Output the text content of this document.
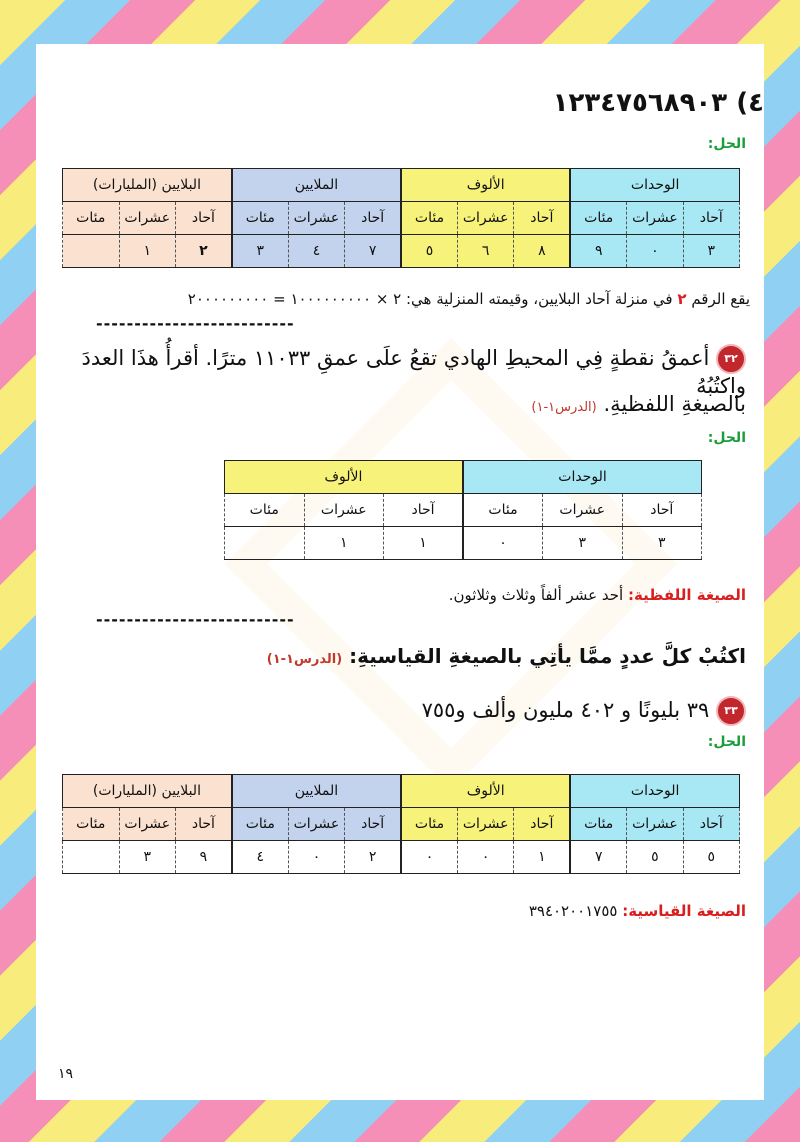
٤) ١٢٣٤٧٥٦٨٩٠٣
الحل:
الوحدات			الألوف			الملايين			البلايين (المليارات)		
آحاد	عشرات	مئات	آحاد	عشرات	مئات	آحاد	عشرات	مئات	آحاد	عشرات	مئات
٣	٠	٩	٨	٦	٥	٧	٤	٣	٢	١	
يقع الرقم ٢ في منزلة آحاد البلايين، وقيمته المنزلية هي: ٢ × ١٠٠٠٠٠٠٠٠٠ = ٢٠٠٠٠٠٠٠٠٠
--------------------------
٣٢ أعمقُ نقطةٍ فِي المحيطِ الهادي تقعُ علَى عمقِ ١١٠٣٣ مترًا. أقرأُ هذَا العددَ واكتُبُهُ
بالصيغةِ اللفظيةِ. (الدرس١-١)
الحل:
الوحدات			الألوف		
آحاد	عشرات	مئات	آحاد	عشرات	مئات
٣	٣	٠	١	١	
الصيغة اللفظية: أحد عشر ألفاً وثلاث وثلاثون.
--------------------------
اكتُبْ كلَّ عددٍ ممَّا يأتِي بالصيغةِ القياسيةِ: (الدرس١-١)
٣٣ ٣٩ بليونًا و ٤٠٢ مليون وألف و٧٥٥
الحل:
الوحدات			الألوف			الملايين			البلايين (المليارات)		
آحاد	عشرات	مئات	آحاد	عشرات	مئات	آحاد	عشرات	مئات	آحاد	عشرات	مئات
٥	٥	٧	١	٠	٠	٢	٠	٤	٩	٣	
الصيغة القياسية: ٣٩٤٠٢٠٠١٧٥٥
١٩
